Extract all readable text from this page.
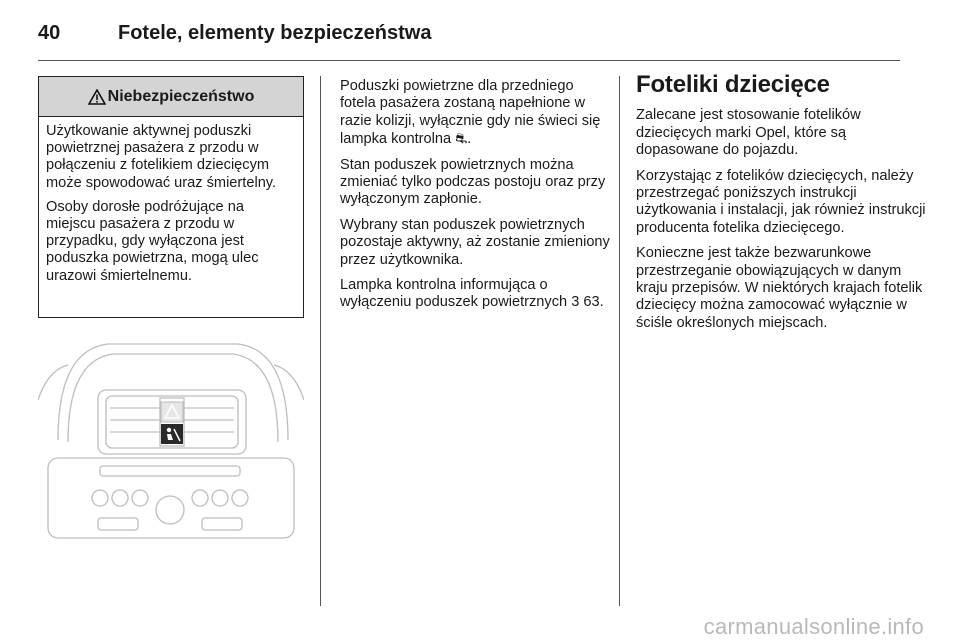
40	Fotele, elementy bezpieczeństwa
Niebezpieczeństwo

Użytkowanie aktywnej poduszki powietrznej pasażera z przodu w połączeniu z fotelikiem dziecięcym może spowodować uraz śmiertelny.

Osoby dorosłe podróżujące na miejscu pasażera z przodu w przypadku, gdy wyłączona jest poduszka powietrzna, mogą ulec urazowi śmiertelnemu.

Poduszki powietrzne dla przedniego fotela pasażera zostaną napełnione w razie kolizji, wyłącznie gdy nie świeci się lampka kontrolna ⛐.

Stan poduszek powietrznych można zmieniać tylko podczas postoju oraz przy wyłączonym zapłonie.

Wybrany stan poduszek powietrznych pozostaje aktywny, aż zostanie zmieniony przez użytkownika.

Lampka kontrolna informująca o wyłączeniu poduszek powietrznych 3 63.

Foteliki dziecięce

Zalecane jest stosowanie fotelików dziecięcych marki Opel, które są dopasowane do pojazdu.

Korzystając z fotelików dziecięcych, należy przestrzegać poniższych instrukcji użytkowania i instalacji, jak również instrukcji producenta fotelika dziecięcego.

Konieczne jest także bezwarunkowe przestrzeganie obowiązujących w danym kraju przepisów. W niektórych krajach fotelik dziecięcy można zamocować wyłącznie w ściśle określonych miejscach.

carmanualsonline.info
